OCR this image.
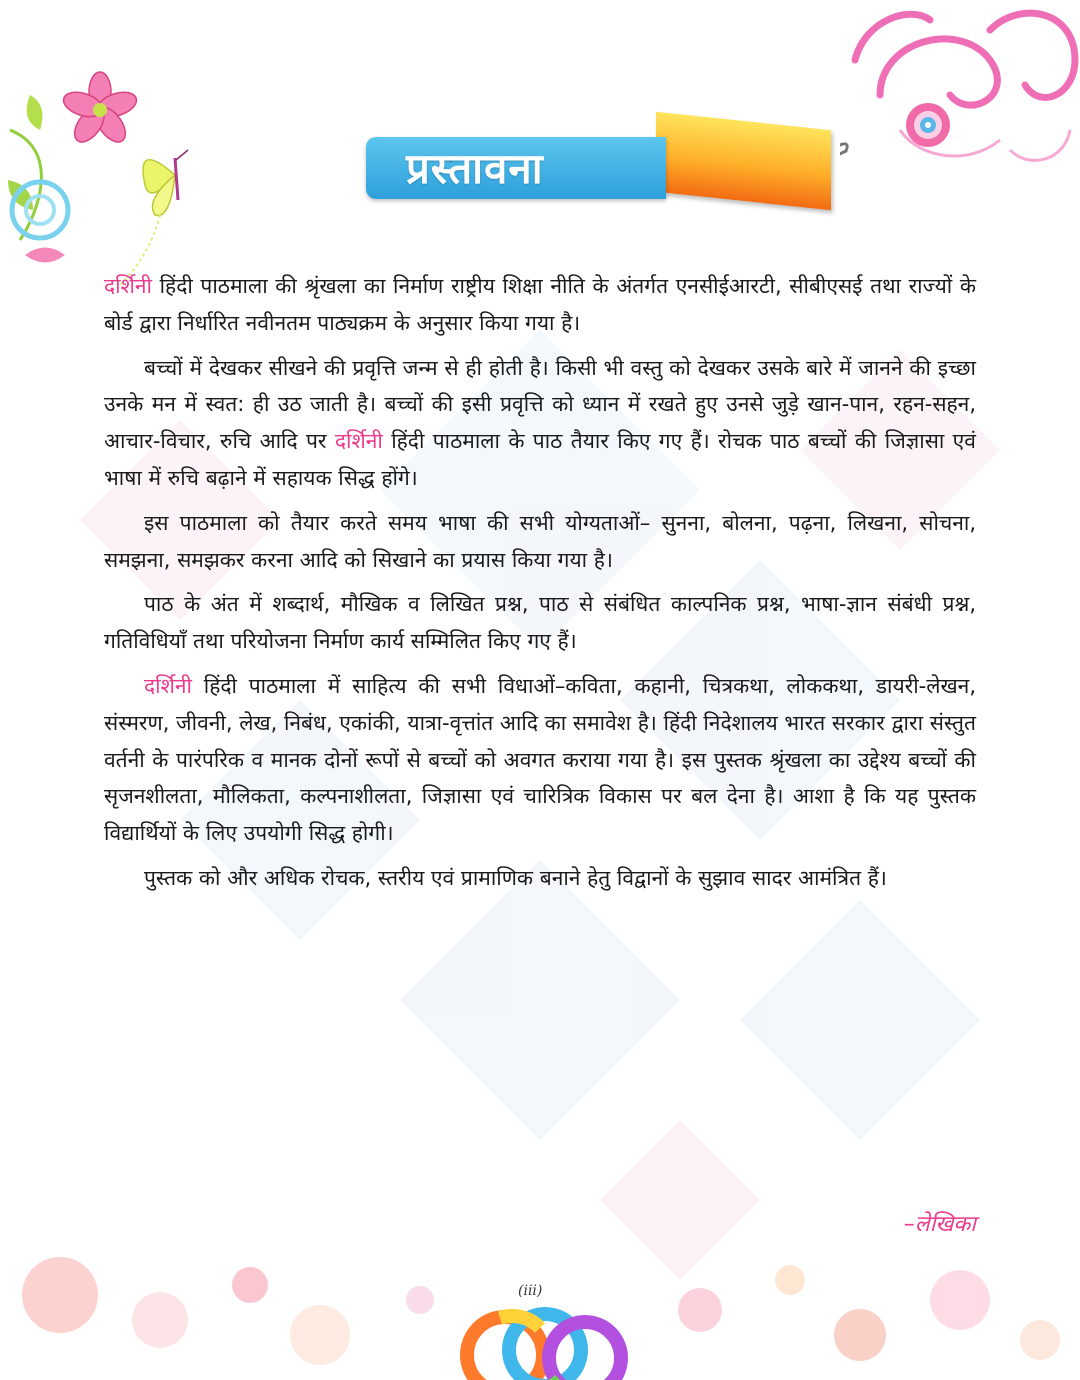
प्रस्तावना

दर्शिनी हिंदी पाठमाला की श्रृंखला का निर्माण राष्ट्रीय शिक्षा नीति के अंतर्गत एनसीईआरटी, सीबीएसई तथा राज्यों के बोर्ड द्वारा निर्धारित नवीनतम पाठ्यक्रम के अनुसार किया गया है।

बच्चों में देखकर सीखने की प्रवृत्ति जन्म से ही होती है। किसी भी वस्तु को देखकर उसके बारे में जानने की इच्छा उनके मन में स्वत: ही उठ जाती है। बच्चों की इसी प्रवृत्ति को ध्यान में रखते हुए उनसे जुड़े खान-पान, रहन-सहन, आचार-विचार, रुचि आदि पर दर्शिनी हिंदी पाठमाला के पाठ तैयार किए गए हैं। रोचक पाठ बच्चों की जिज्ञासा एवं भाषा में रुचि बढ़ाने में सहायक सिद्ध होंगे।

इस पाठमाला को तैयार करते समय भाषा की सभी योग्यताओं– सुनना, बोलना, पढ़ना, लिखना, सोचना, समझना, समझकर करना आदि को सिखाने का प्रयास किया गया है।

पाठ के अंत में शब्दार्थ, मौखिक व लिखित प्रश्न, पाठ से संबंधित काल्पनिक प्रश्न, भाषा-ज्ञान संबंधी प्रश्न, गतिविधियाँ तथा परियोजना निर्माण कार्य सम्मिलित किए गए हैं।

दर्शिनी हिंदी पाठमाला में साहित्य की सभी विधाओं–कविता, कहानी, चित्रकथा, लोककथा, डायरी-लेखन, संस्मरण, जीवनी, लेख, निबंध, एकांकी, यात्रा-वृत्तांत आदि का समावेश है। हिंदी निदेशालय भारत सरकार द्वारा संस्तुत वर्तनी के पारंपरिक व मानक दोनों रूपों से बच्चों को अवगत कराया गया है। इस पुस्तक श्रृंखला का उद्देश्य बच्चों की सृजनशीलता, मौलिकता, कल्पनाशीलता, जिज्ञासा एवं चारित्रिक विकास पर बल देना है। आशा है कि यह पुस्तक विद्यार्थियों के लिए उपयोगी सिद्ध होगी।

पुस्तक को और अधिक रोचक, स्तरीय एवं प्रामाणिक बनाने हेतु विद्वानों के सुझाव सादर आमंत्रित हैं।

–लेखिका
(iii)
